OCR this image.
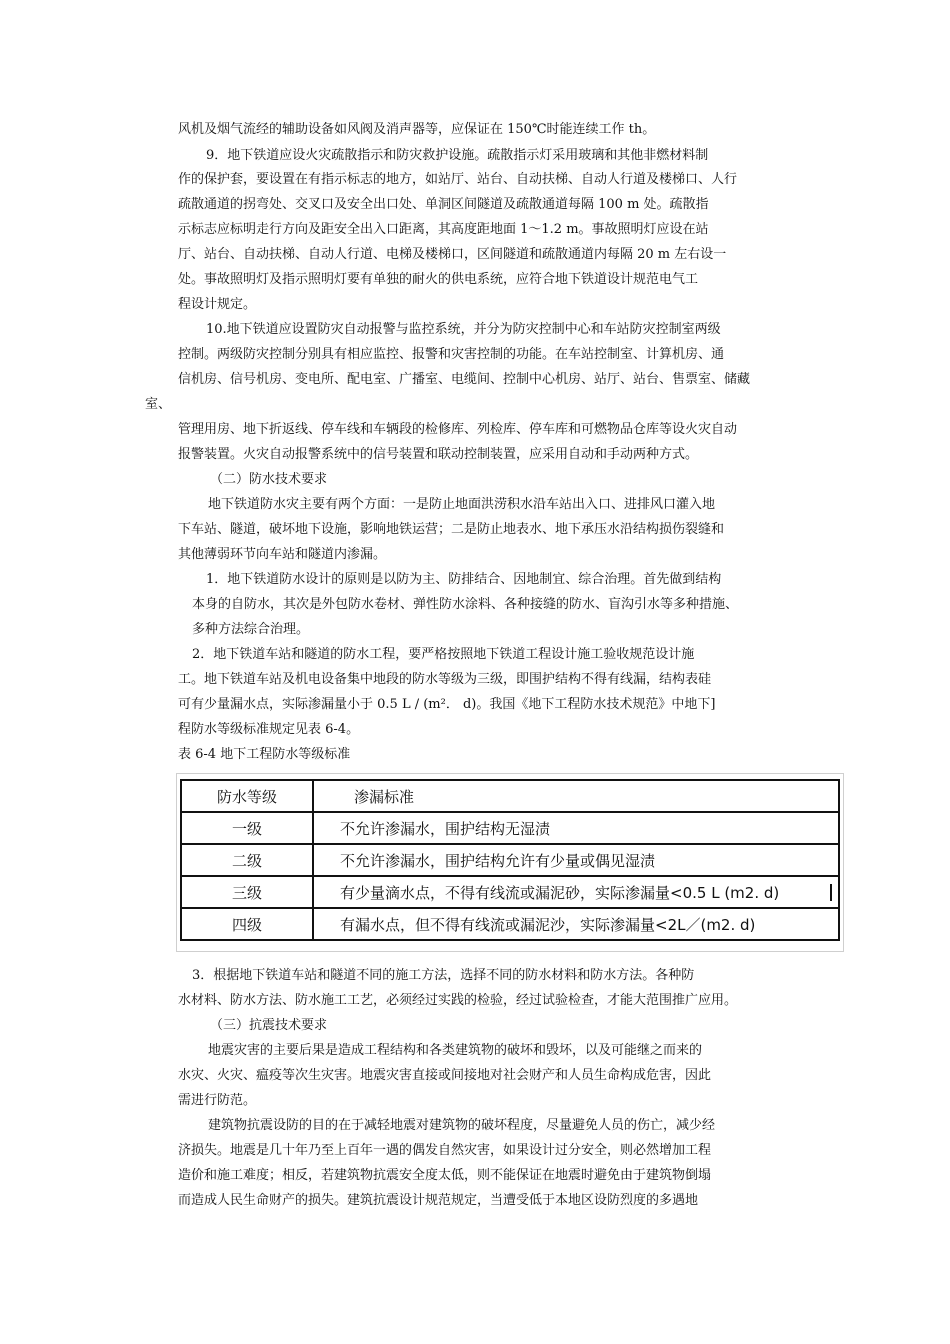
风机及烟气流经的辅助设备如风阀及消声器等，应保证在 150℃时能连续工作 th。
9．地下铁道应设火灾疏散指示和防灾救护设施。疏散指示灯采用玻璃和其他非燃材料制
作的保护套，要设置在有指示标志的地方，如站厅、站台、自动扶梯、自动人行道及楼梯口、人行
疏散通道的拐弯处、交叉口及安全出口处、单洞区间隧道及疏散通道每隔 100 m 处。疏散指
示标志应标明走行方向及距安全出入口距离，其高度距地面 1～1.2 m。事故照明灯应设在站
厅、站台、自动扶梯、自动人行道、电梯及楼梯口，区间隧道和疏散通道内每隔 20 m 左右设一
处。事故照明灯及指示照明灯要有单独的耐火的供电系统，应符合地下铁道设计规范电气工
程设计规定。
10.地下铁道应设置防灾自动报警与监控系统，并分为防灾控制中心和车站防灾控制室两级
控制。两级防灾控制分别具有相应监控、报警和灾害控制的功能。在车站控制室、计算机房、通
信机房、信号机房、变电所、配电室、广播室、电缆间、控制中心机房、站厅、站台、售票室、储藏
室、
管理用房、地下折返线、停车线和车辆段的检修库、列检库、停车库和可燃物品仓库等设火灾自动
报警装置。火灾自动报警系统中的信号装置和联动控制装置，应采用自动和手动两种方式。
（二）防水技术要求
地下铁道防水灾主要有两个方面：一是防止地面洪涝积水沿车站出入口、进排风口灌入地
下车站、隧道，破坏地下设施，影响地铁运营；二是防止地表水、地下承压水沿结构损伤裂缝和
其他薄弱环节向车站和隧道内渗漏。
1．地下铁道防水设计的原则是以防为主、防排结合、因地制宜、综合治理。首先做到结构
本身的自防水，其次是外包防水卷材、弹性防水涂料、各种接缝的防水、盲沟引水等多种措施、
多种方法综合治理。
2．地下铁道车站和隧道的防水工程，要严格按照地下铁道工程设计施工验收规范设计施
工。地下铁道车站及机电设备集中地段的防水等级为三级，即围护结构不得有线漏，结构表硅
可有少量漏水点，实际渗漏量小于 0.5 L / (m²． d)。我国《地下工程防水技术规范》中地下]
程防水等级标准规定见表 6-4。
表 6-4 地下工程防水等级标准
防水等级	渗漏标准
一级	不允许渗漏水，围护结构无湿渍
二级	不允许渗漏水，围护结构允许有少量或偶见湿渍
三级	有少量滴水点，不得有线流或漏泥砂，实际渗漏量<0.5 L (m2. d)

四级	有漏水点，但不得有线流或漏泥沙，实际渗漏量<2L／(m2. d)
3．根据地下铁道车站和隧道不同的施工方法，选择不同的防水材料和防水方法。各种防
水材料、防水方法、防水施工工艺，必须经过实践的检验，经过试验检查，才能大范围推广应用。
（三）抗震技术要求
地震灾害的主要后果是造成工程结构和各类建筑物的破坏和毁坏，以及可能继之而来的
水灾、火灾、瘟疫等次生灾害。地震灾害直接或间接地对社会财产和人员生命构成危害，因此
需进行防范。
建筑物抗震设防的目的在于减轻地震对建筑物的破坏程度，尽量避免人员的伤亡，减少经
济损失。地震是几十年乃至上百年一遇的偶发自然灾害，如果设计过分安全，则必然增加工程
造价和施工难度；相反，若建筑物抗震安全度太低，则不能保证在地震时避免由于建筑物倒塌
而造成人民生命财产的损失。建筑抗震设计规范规定，当遭受低于本地区设防烈度的多遇地
